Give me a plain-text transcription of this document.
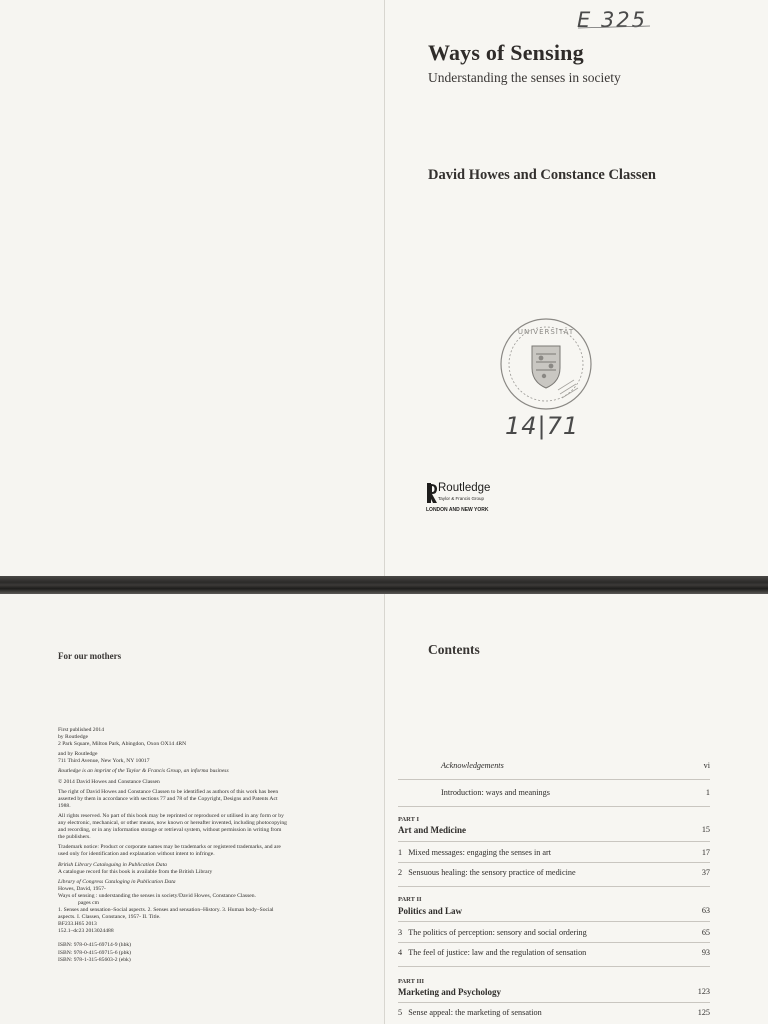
E 325
Ways of Sensing
Understanding the senses in society
David Howes and Constance Classen
UNIVERSITÄT
14|71
Routledge
Taylor & Francis Group
LONDON AND NEW YORK
For our mothers
First published 2014
by Routledge

2 Park Square, Milton Park, Abingdon, Oxon OX14 4RN

and by Routledge

711 Third Avenue, New York, NY 10017

Routledge is an imprint of the Taylor & Francis Group, an informa business

© 2014 David Howes and Constance Classen

The right of David Howes and Constance Classen to be identified as authors of this work has been asserted by them in accordance with sections 77 and 78 of the Copyright, Designs and Patents Act 1988.

All rights reserved. No part of this book may be reprinted or reproduced or utilised in any form or by any electronic, mechanical, or other means, now known or hereafter invented, including photocopying and recording, or in any information storage or retrieval system, without permission in writing from the publishers.

Trademark notice: Product or corporate names may be trademarks or registered trademarks, and are used only for identification and explanation without intent to infringe.

British Library Cataloguing in Publication Data

A catalogue record for this book is available from the British Library

Library of Congress Cataloging in Publication Data
Howes, David, 1957-
Ways of sensing : understanding the senses in society/David Howes, Constance Classen.
pages cm
1. Senses and sensation–Social aspects. 2. Senses and sensation–History. 3. Human body–Social aspects. I. Classen, Constance, 1957- II. Title.
BF233.H65 2013

152.1–dc23 2013024488

ISBN: 978-0-415-69714-9 (hbk)
ISBN: 978-0-415-69715-6 (pbk)
ISBN: 978-1-315-85603-2 (ebk)
Contents
Acknowledgements	vi
Introduction: ways and meanings	1
PART I
Art and Medicine	15
1 Mixed messages: engaging the senses in art	17
2 Sensuous healing: the sensory practice of medicine	37
PART II
Politics and Law	63
3 The politics of perception: sensory and social ordering	65
4 The feel of justice: law and the regulation of sensation	93
PART III
Marketing and Psychology	123
5 Sense appeal: the marketing of sensation	125
